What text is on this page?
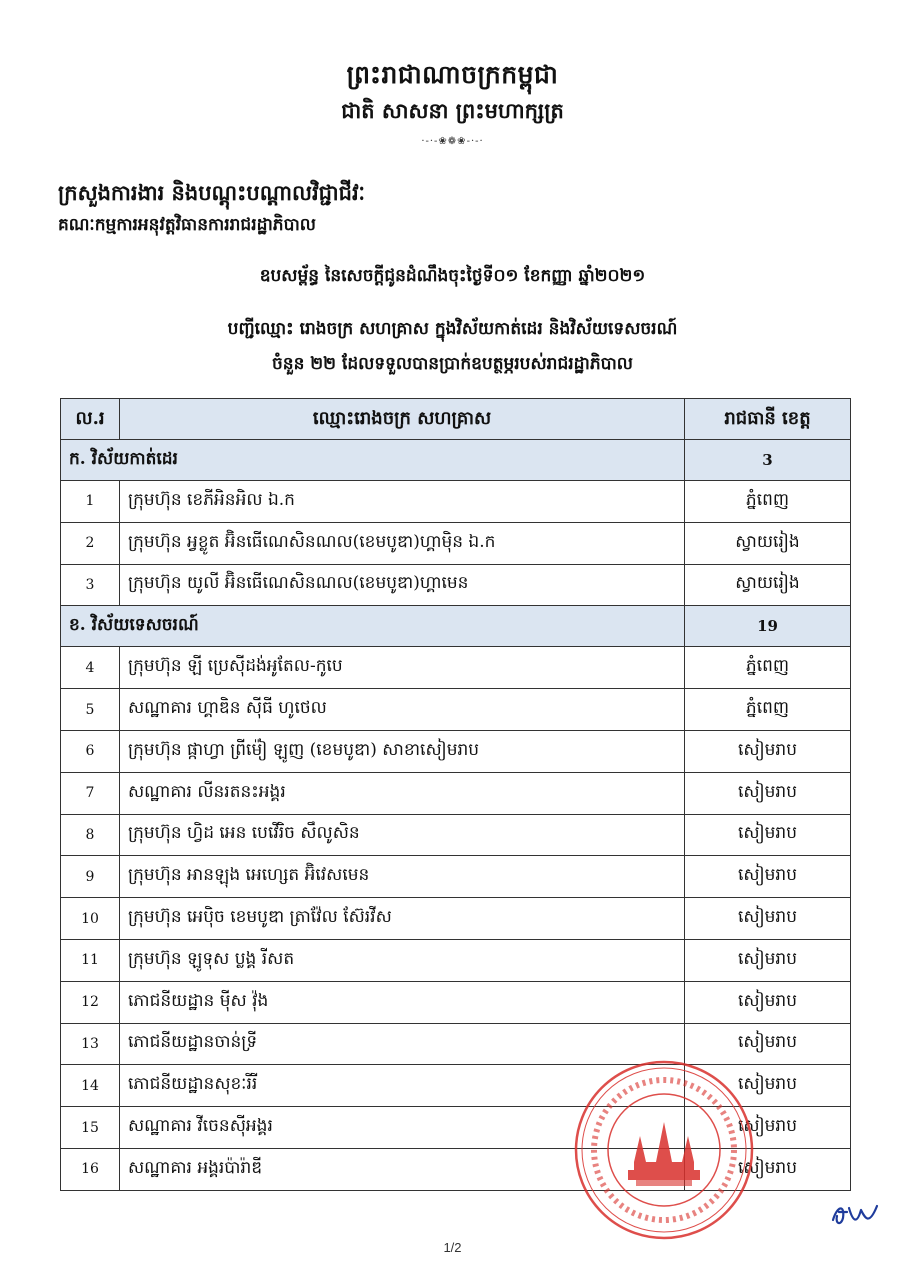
ព្រះរាជាណាចក្រកម្ពុជា
ជាតិ សាសនា ព្រះមហាក្សត្រ
·-·-❀❁❀-·-·
ក្រសួងការងារ និងបណ្តុះបណ្តាលវិជ្ជាជីវៈ
គណៈកម្មការអនុវត្តវិធានការរាជរដ្ឋាភិបាល
ឧបសម្ព័ន្ធ នៃសេចក្តីជូនដំណឹងចុះថ្ងៃទី០១ ខែកញ្ញា ឆ្នាំ២០២១
បញ្ជីឈ្មោះ រោងចក្រ សហគ្រាស ក្នុងវិស័យកាត់ដេរ និងវិស័យទេសចរណ៍
ចំនួន ២២ ដែលទទួលបានប្រាក់ឧបត្ថម្ភរបស់រាជរដ្ឋាភិបាល
ល.រ	ឈ្មោះរោងចក្រ សហគ្រាស	រាជធានី ខេត្ត
ក. វិស័យកាត់ដេរ		3
1	ក្រុមហ៊ុន ខេភីអិនអិល ឯ.ក	ភ្នំពេញ
2	ក្រុមហ៊ុន អ្វខ្លូត អ៊ិនធើណេសិនណល(ខេមបូឌា)ហ្គាម៉ិន ឯ.ក	ស្វាយរៀង
3	ក្រុមហ៊ុន យូលី អ៊ិនធើណេសិនណល(ខេមបូឌា)ហ្គាមេន	ស្វាយរៀង
ខ. វិស័យទេសចរណ៍		19
4	ក្រុមហ៊ុន ឡី ប្រេស៊ីដង់អូតែល-កូបេ	ភ្នំពេញ
5	សណ្ឋាគារ ហ្គាឌិន ស៊ីធី ហូថេល	ភ្នំពេញ
6	ក្រុមហ៊ុន ផ្កាហ្វា ព្រីម៉ៀ ឡូញ (ខេមបូឌា) សាខាសៀមរាប	សៀមរាប
7	សណ្ឋាគារ លីនរតនះអង្គរ	សៀមរាប
8	ក្រុមហ៊ុន ហ្វិដ អេន បេវើរិច សឹលូសិន	សៀមរាប
9	ក្រុមហ៊ុន អានឡុង អេហ្សេត អ៊ិវេសមេន	សៀមរាប
10	ក្រុមហ៊ុន អេប៉ិច ខេមបូឌា ត្រាវ៉ែល ស៊ែរវីស	សៀមរាប
11	ក្រុមហ៊ុន ឡូទុស ប្លង្គ រីសត	សៀមរាប
12	ភោជនីយដ្ឋាន ម៉ីស វ៉ុង	សៀមរាប
13	ភោជនីយដ្ឋានចាន់ទ្រី	សៀមរាប
14	ភោជនីយដ្ឋានសុខៈរីរី	សៀមរាប
15	សណ្ឋាគារ វីចេនស៊ីអង្គរ	សៀមរាប
16	សណ្ឋាគារ អង្គរប៉ារ៉ាឌី	សៀមរាប
1/2
